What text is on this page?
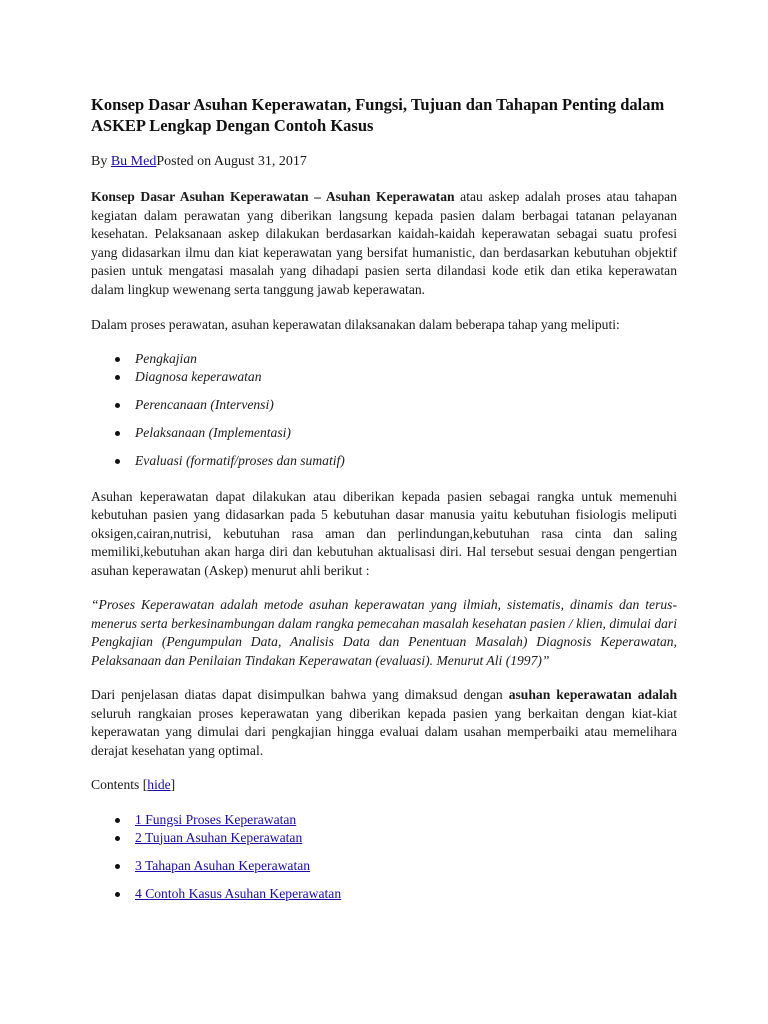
Konsep Dasar Asuhan Keperawatan, Fungsi, Tujuan dan Tahapan Penting dalam ASKEP Lengkap Dengan Contoh Kasus
By Bu MedPosted on August 31, 2017

Konsep Dasar Asuhan Keperawatan – Asuhan Keperawatan atau askep adalah proses atau tahapan kegiatan dalam perawatan yang diberikan langsung kepada pasien dalam berbagai tatanan pelayanan kesehatan. Pelaksanaan askep dilakukan berdasarkan kaidah-kaidah keperawatan sebagai suatu profesi yang didasarkan ilmu dan kiat keperawatan yang bersifat humanistic, dan berdasarkan kebutuhan objektif pasien untuk mengatasi masalah yang dihadapi pasien serta dilandasi kode etik dan etika keperawatan dalam lingkup wewenang serta tanggung jawab keperawatan.

Dalam proses perawatan, asuhan keperawatan dilaksanakan dalam beberapa tahap yang meliputi:

Pengkajian
Diagnosa keperawatan
Perencanaan (Intervensi)
Pelaksanaan (Implementasi)
Evaluasi (formatif/proses dan sumatif)

Asuhan keperawatan dapat dilakukan atau diberikan kepada pasien sebagai rangka untuk memenuhi kebutuhan pasien yang didasarkan pada 5 kebutuhan dasar manusia yaitu kebutuhan fisiologis meliputi oksigen,cairan,nutrisi, kebutuhan rasa aman dan perlindungan,kebutuhan rasa cinta dan saling memiliki,kebutuhan akan harga diri dan kebutuhan aktualisasi diri. Hal tersebut sesuai dengan pengertian asuhan keperawatan (Askep) menurut ahli berikut :

“Proses Keperawatan adalah metode asuhan keperawatan yang ilmiah, sistematis, dinamis dan terus-menerus serta berkesinambungan dalam rangka pemecahan masalah kesehatan pasien / klien, dimulai dari Pengkajian (Pengumpulan Data, Analisis Data dan Penentuan Masalah) Diagnosis Keperawatan, Pelaksanaan dan Penilaian Tindakan Keperawatan (evaluasi). Menurut Ali (1997)”

Dari penjelasan diatas dapat disimpulkan bahwa yang dimaksud dengan asuhan keperawatan adalah seluruh rangkaian proses keperawatan yang diberikan kepada pasien yang berkaitan dengan kiat-kiat keperawatan yang dimulai dari pengkajian hingga evaluai dalam usahan memperbaiki atau memelihara derajat kesehatan yang optimal.

Contents [hide]

1 Fungsi Proses Keperawatan
2 Tujuan Asuhan Keperawatan
3 Tahapan Asuhan Keperawatan
4 Contoh Kasus Asuhan Keperawatan
